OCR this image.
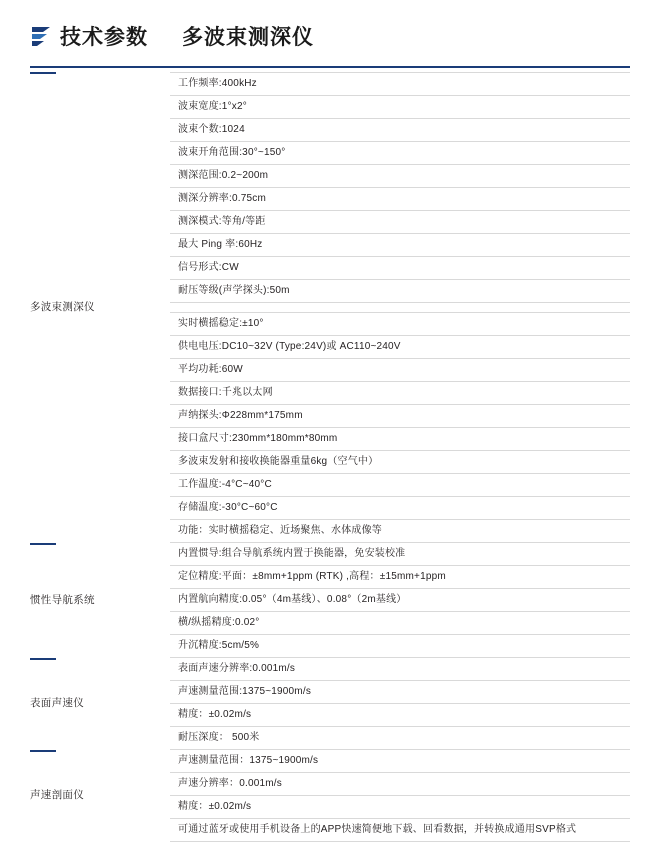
技术参数 多波束测深仪
多波束测深仪
工作频率:400kHz
波束宽度:1°x2°
波束个数:1024
波束开角范围:30°~150°
测深范围:0.2~200m
测深分辨率:0.75cm
测深模式:等角/等距
最大 Ping 率:60Hz
信号形式:CW
耐压等级(声学探头):50m
实时横摇稳定:±10°
供电电压:DC10~32V (Type:24V)或 AC110~240V
平均功耗:60W
数据接口:千兆以太网
声纳探头:Φ228mm*175mm
接口盒尺寸:230mm*180mm*80mm
多波束发射和接收换能器重量6kg（空气中）
工作温度:-4°C~40°C
存储温度:-30°C~60°C
功能：实时横摇稳定、近场聚焦、水体成像等
惯性导航系统
内置惯导:组合导航系统内置于换能器，免安装校准
定位精度:平面：±8mm+1ppm (RTK) ,高程：±15mm+1ppm
内置航向精度:0.05°（4m基线）、0.08°（2m基线）
横/纵摇精度:0.02°
升沉精度:5cm/5%
表面声速仪
表面声速分辨率:0.001m/s
声速测量范围:1375~1900m/s
精度：±0.02m/s
耐压深度： 500米
声速剖面仪
声速测量范围：1375~1900m/s
声速分辨率：0.001m/s
精度：±0.02m/s
可通过蓝牙或使用手机设备上的APP快速简便地下载、回看数据，并转换成通用SVP格式
